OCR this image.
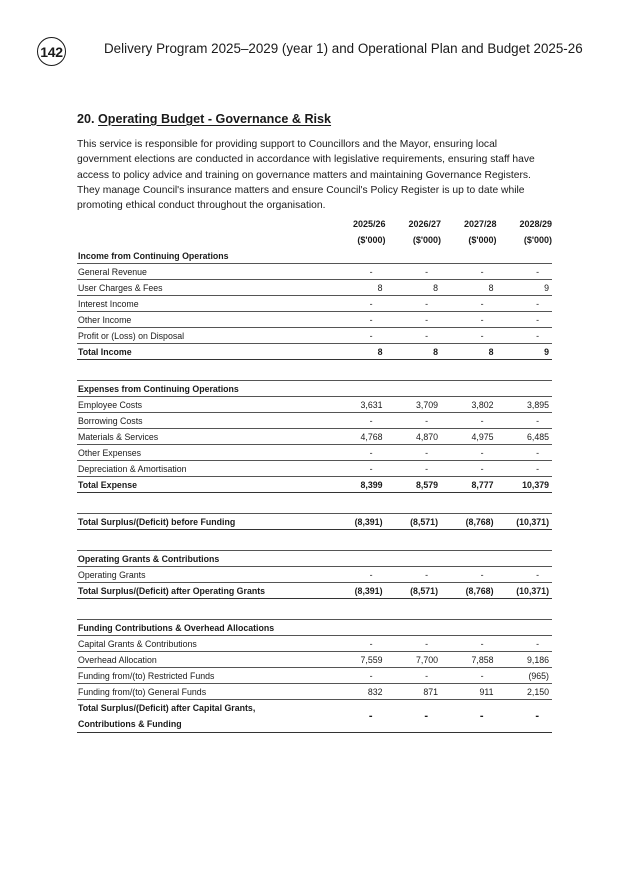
142	Delivery Program 2025–2029 (year 1) and Operational Plan and Budget 2025-26
20. Operating Budget - Governance & Risk

This service is responsible for providing support to Councillors and the Mayor, ensuring local government elections are conducted in accordance with legislative requirements, ensuring staff have access to policy advice and training on governance matters and maintaining Governance Registers. They manage Council's insurance matters and ensure Council's Policy Register is up to date while promoting ethical conduct throughout the organisation.

	2025/26	2026/27	2027/28	2028/29
	($'000)	($'000)	($'000)	($'000)
Income from Continuing Operations				
General Revenue	-	-	-	-
User Charges & Fees	8	8	8	9
Interest Income	-	-	-	-
Other Income	-	-	-	-
Profit or (Loss) on Disposal	-	-	-	-
Total Income	8	8	8	9

Expenses from Continuing Operations				
Employee Costs	3,631	3,709	3,802	3,895
Borrowing Costs	-	-	-	-
Materials & Services	4,768	4,870	4,975	6,485
Other Expenses	-	-	-	-
Depreciation & Amortisation	-	-	-	-
Total Expense	8,399	8,579	8,777	10,379

Total Surplus/(Deficit) before Funding	(8,391)	(8,571)	(8,768)	(10,371)

Operating Grants & Contributions				
Operating Grants	-	-	-	-
Total Surplus/(Deficit) after Operating Grants	(8,391)	(8,571)	(8,768)	(10,371)

Funding Contributions & Overhead Allocations				
Capital Grants & Contributions	-	-	-	-
Overhead Allocation	7,559	7,700	7,858	9,186
Funding from/(to) Restricted Funds	-	-	-	(965)
Funding from/(to) General Funds	832	871	911	2,150

Total Surplus/(Deficit) after Capital Grants,
Contributions & Funding	-	-	-	-
